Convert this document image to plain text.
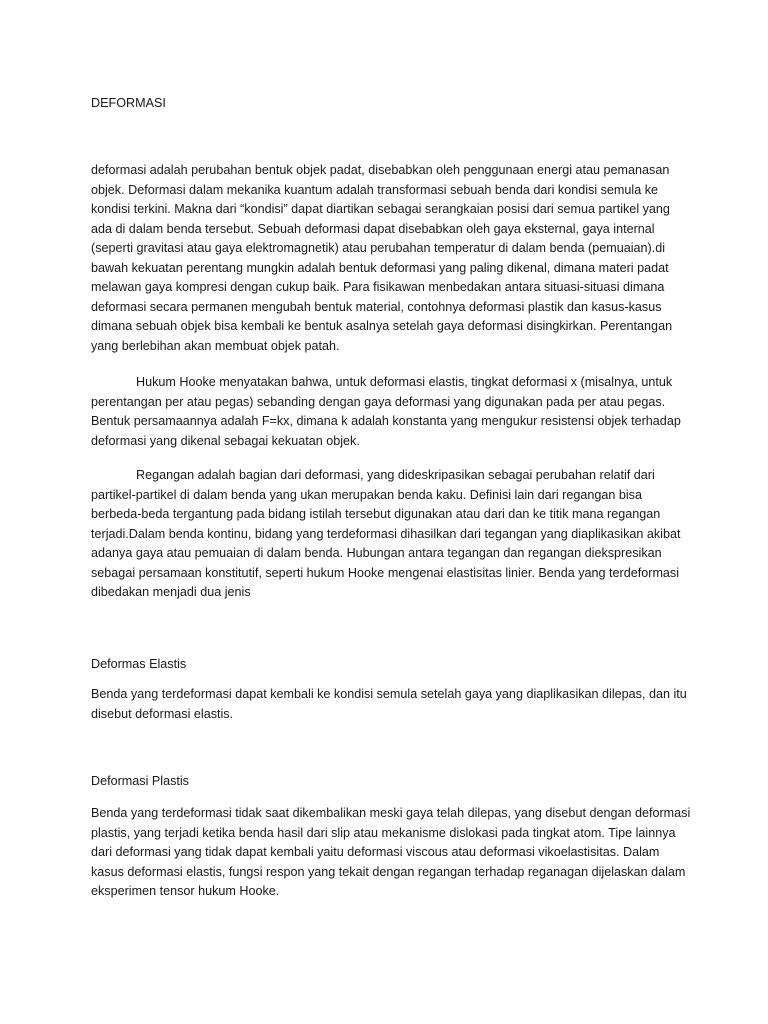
DEFORMASI

deformasi adalah perubahan bentuk objek padat, disebabkan oleh penggunaan energi atau pemanasan objek. Deformasi dalam mekanika kuantum adalah transformasi sebuah benda dari kondisi semula ke kondisi terkini. Makna dari “kondisi” dapat diartikan sebagai serangkaian posisi dari semua partikel yang ada di dalam benda tersebut. Sebuah deformasi dapat disebabkan oleh gaya eksternal, gaya internal (seperti gravitasi atau gaya elektromagnetik) atau perubahan temperatur di dalam benda (pemuaian).di bawah kekuatan perentang mungkin adalah bentuk deformasi yang paling dikenal, dimana materi padat melawan gaya kompresi dengan cukup baik. Para fisikawan menbedakan antara situasi-situasi dimana deformasi secara permanen mengubah bentuk material, contohnya deformasi plastik dan kasus-kasus dimana sebuah objek bisa kembali ke bentuk asalnya setelah gaya deformasi disingkirkan. Perentangan yang berlebihan akan membuat objek patah.

Hukum Hooke menyatakan bahwa, untuk deformasi elastis, tingkat deformasi x (misalnya, untuk perentangan per atau pegas) sebanding dengan gaya deformasi yang digunakan pada per atau pegas. Bentuk persamaannya adalah F=kx, dimana k adalah konstanta yang mengukur resistensi objek terhadap deformasi yang dikenal sebagai kekuatan objek.

Regangan adalah bagian dari deformasi, yang dideskripasikan sebagai perubahan relatif dari partikel-partikel di dalam benda yang ukan merupakan benda kaku. Definisi lain dari regangan bisa berbeda-beda tergantung pada bidang istilah tersebut digunakan atau dari dan ke titik mana regangan terjadi.Dalam benda kontinu, bidang yang terdeformasi dihasilkan dari tegangan yang diaplikasikan akibat adanya gaya atau pemuaian di dalam benda. Hubungan antara tegangan dan regangan diekspresikan sebagai persamaan konstitutif, seperti hukum Hooke mengenai elastisitas linier. Benda yang terdeformasi dibedakan menjadi dua jenis

Deformas Elastis

Benda yang terdeformasi dapat kembali ke kondisi semula setelah gaya yang diaplikasikan dilepas, dan itu disebut deformasi elastis.

Deformasi Plastis

Benda yang terdeformasi tidak saat dikembalikan meski gaya telah dilepas, yang disebut dengan deformasi plastis, yang terjadi ketika benda hasil dari slip atau mekanisme dislokasi pada tingkat atom. Tipe lainnya dari deformasi yang tidak dapat kembali yaitu deformasi viscous atau deformasi vikoelastisitas. Dalam kasus deformasi elastis, fungsi respon yang tekait dengan regangan terhadap reganagan dijelaskan dalam eksperimen tensor hukum Hooke.
